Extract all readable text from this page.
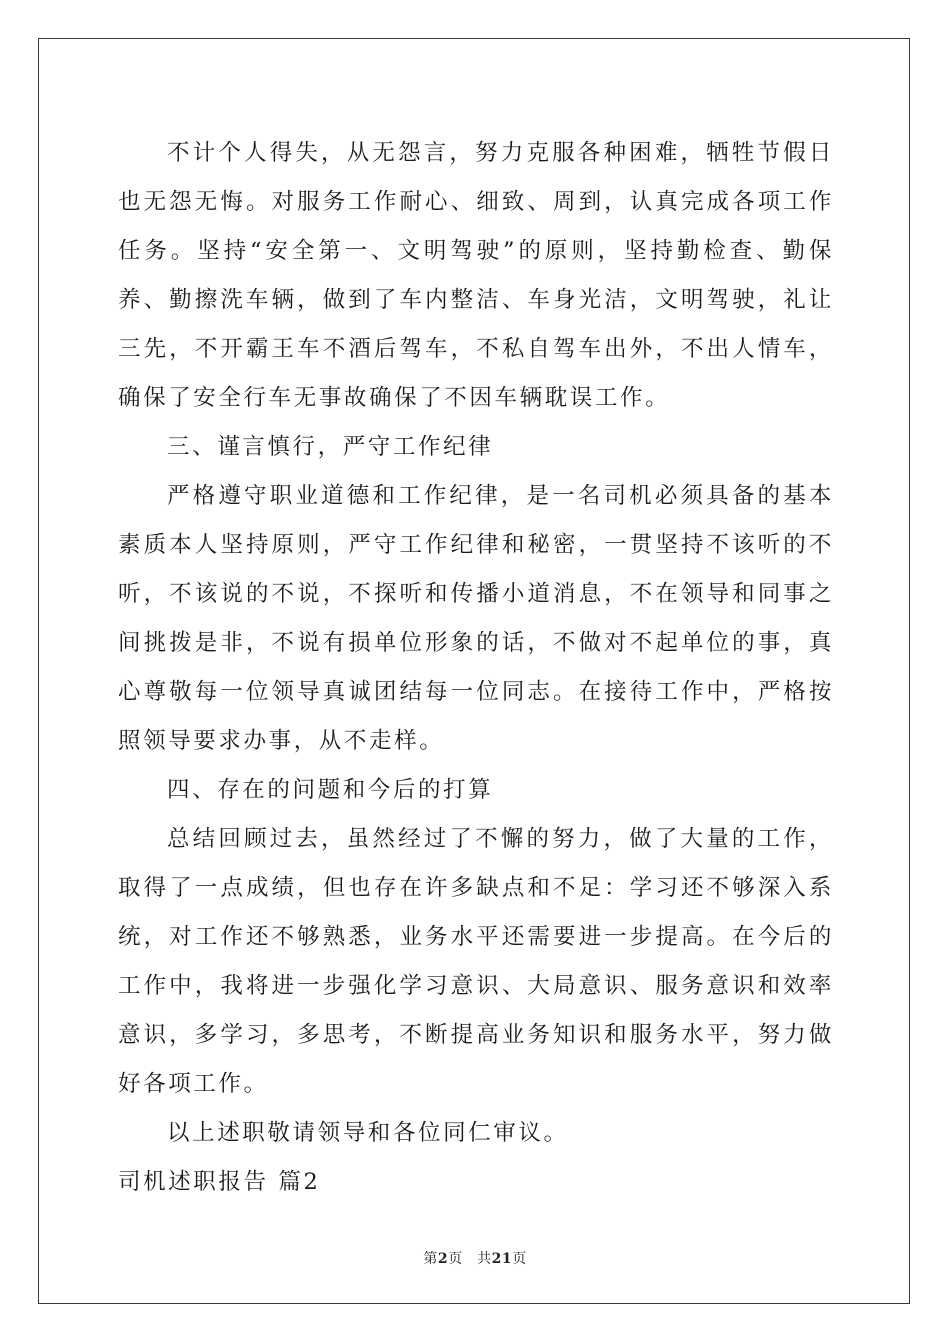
不计个人得失，从无怨言，努力克服各种困难，牺牲节假日也无怨无悔。对服务工作耐心、细致、周到，认真完成各项工作任务。坚持“安全第一、文明驾驶”的原则，坚持勤检查、勤保养、勤擦洗车辆，做到了车内整洁、车身光洁，文明驾驶，礼让三先，不开霸王车不酒后驾车，不私自驾车出外，不出人情车，确保了安全行车无事故确保了不因车辆耽误工作。

三、谨言慎行，严守工作纪律

严格遵守职业道德和工作纪律，是一名司机必须具备的基本素质本人坚持原则，严守工作纪律和秘密，一贯坚持不该听的不听，不该说的不说，不探听和传播小道消息，不在领导和同事之间挑拨是非，不说有损单位形象的话，不做对不起单位的事，真心尊敬每一位领导真诚团结每一位同志。在接待工作中，严格按照领导要求办事，从不走样。

四、存在的问题和今后的打算

总结回顾过去，虽然经过了不懈的努力，做了大量的工作，取得了一点成绩，但也存在许多缺点和不足：学习还不够深入系统，对工作还不够熟悉，业务水平还需要进一步提高。在今后的工作中，我将进一步强化学习意识、大局意识、服务意识和效率意识，多学习，多思考，不断提高业务知识和服务水平，努力做好各项工作。

以上述职敬请领导和各位同仁审议。

司机述职报告 篇2

第2页　共21页
